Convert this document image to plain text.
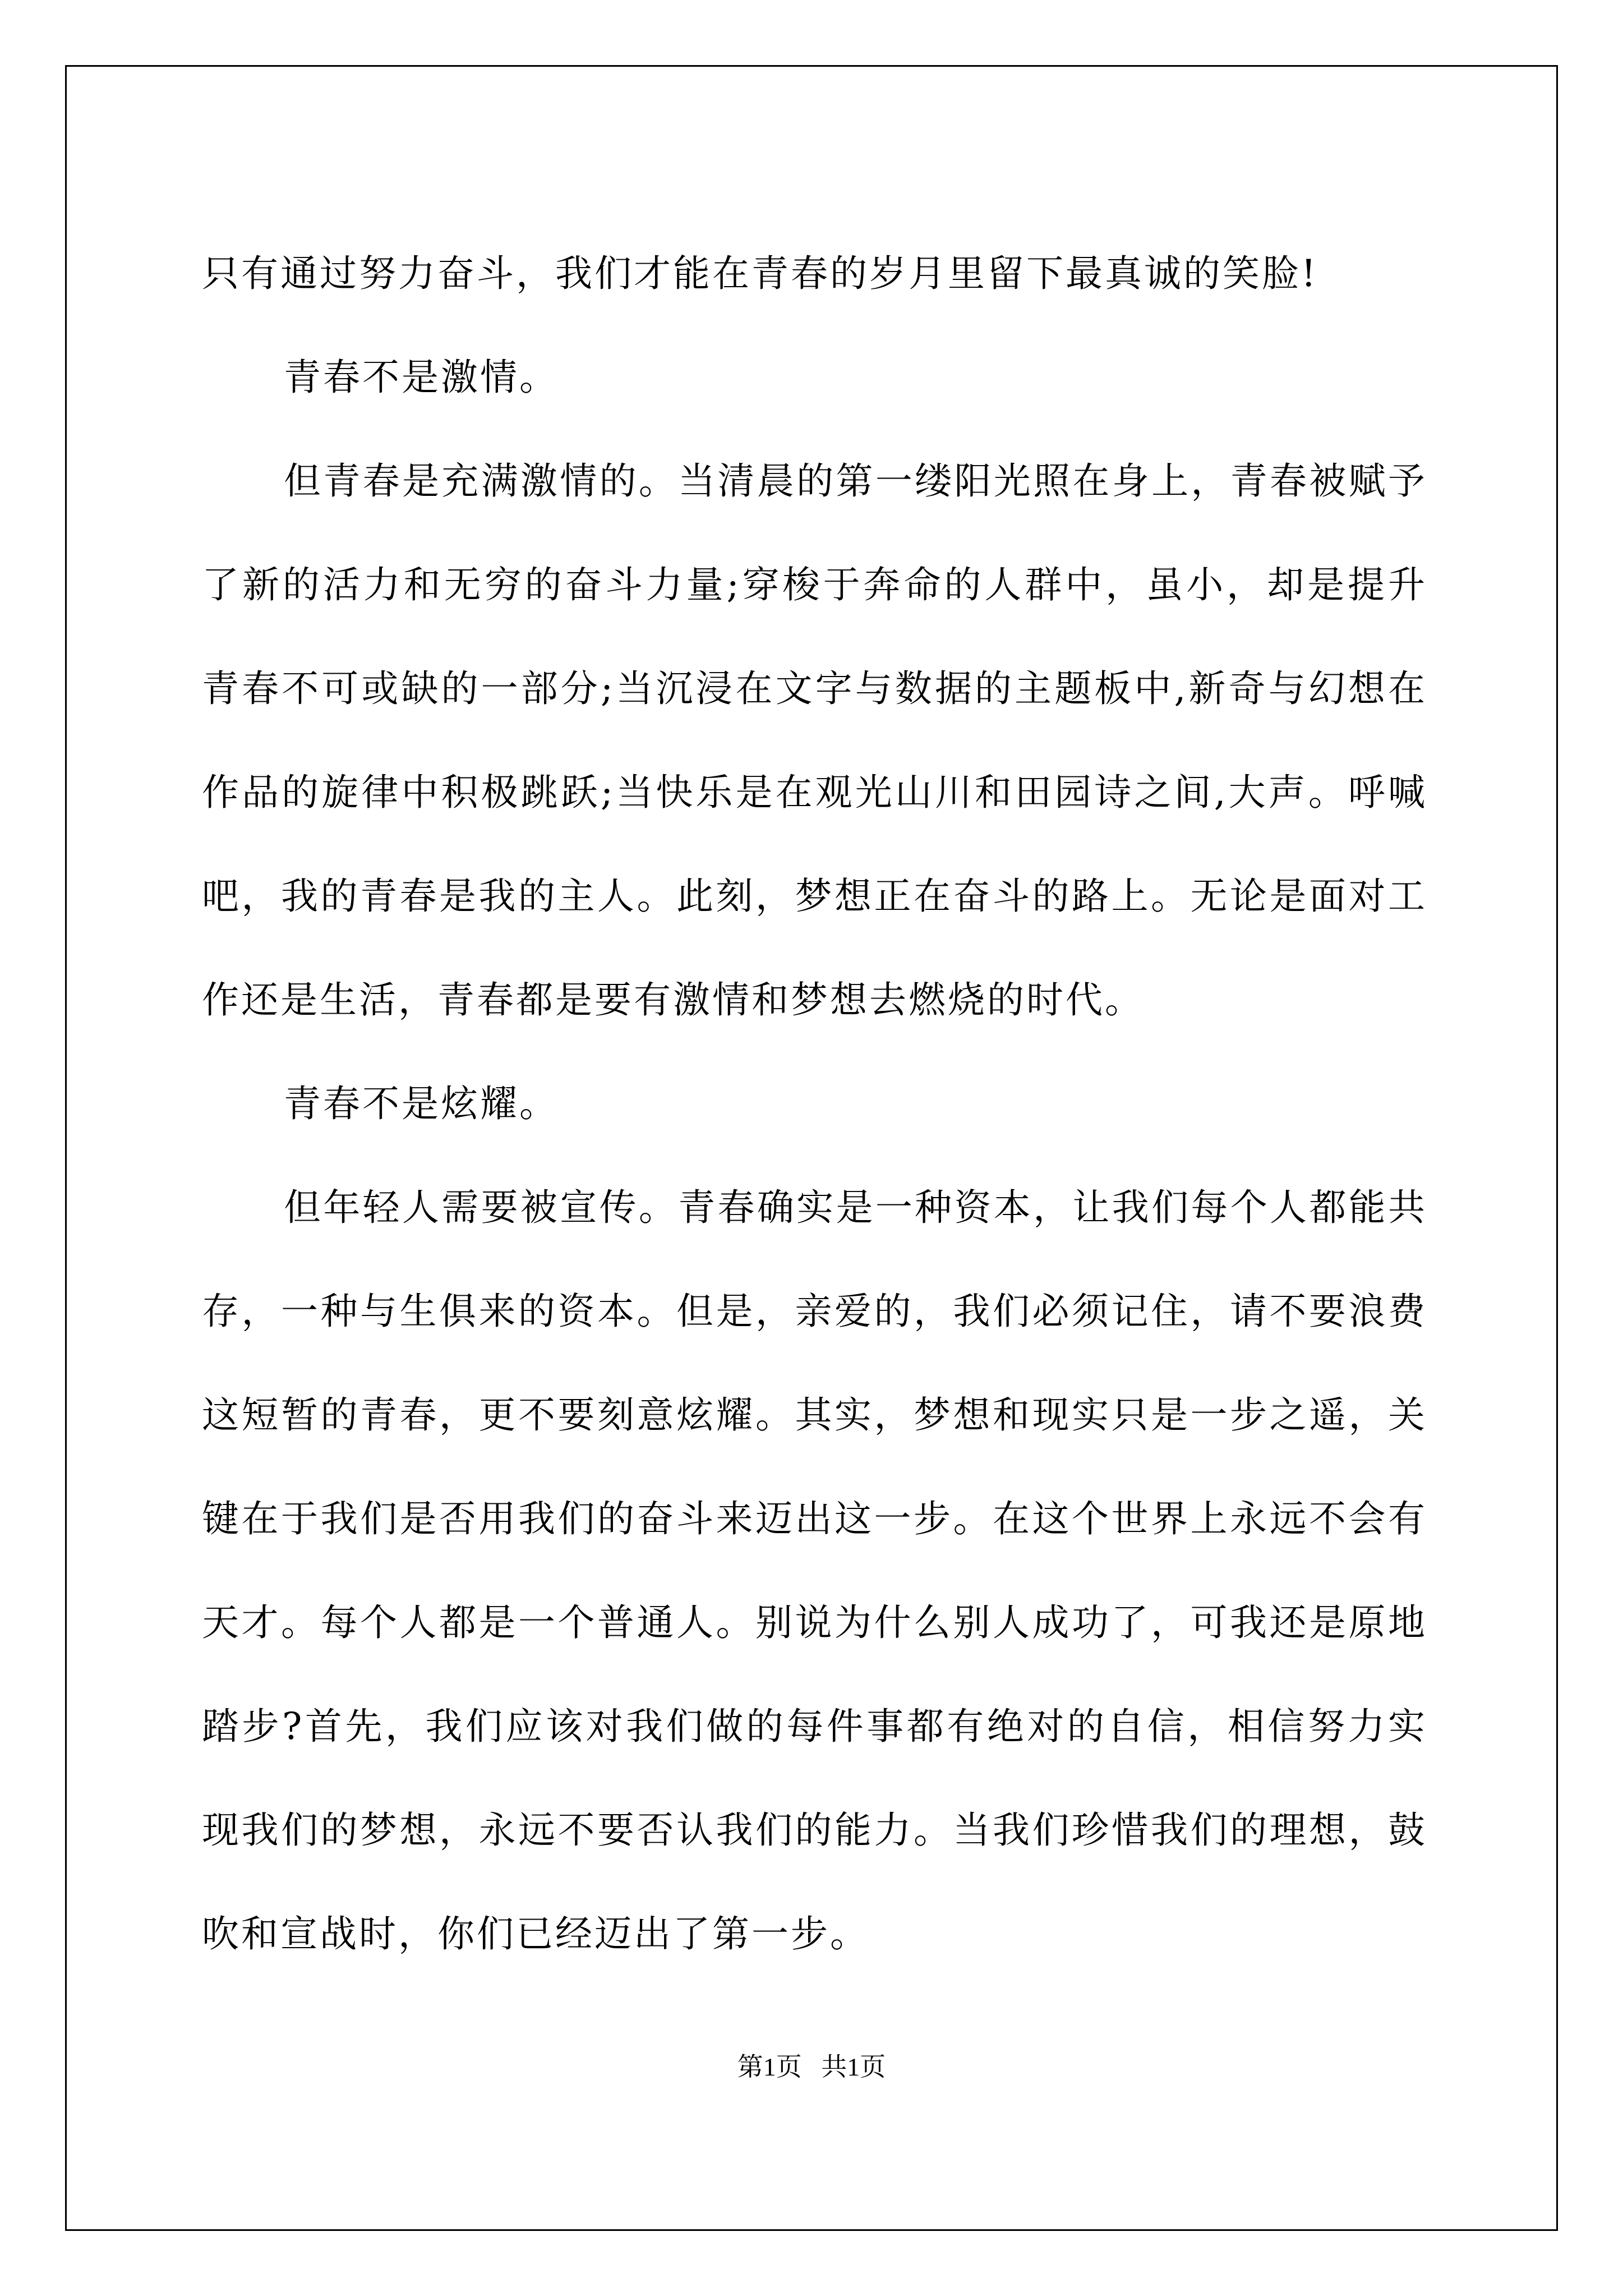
只有通过努力奋斗，我们才能在青春的岁月里留下最真诚的笑脸!

青春不是激情。

但青春是充满激情的。当清晨的第一缕阳光照在身上，青春被赋予了新的活力和无穷的奋斗力量;穿梭于奔命的人群中，虽小，却是提升青春不可或缺的一部分;当沉浸在文字与数据的主题板中,新奇与幻想在作品的旋律中积极跳跃;当快乐是在观光山川和田园诗之间,大声。呼喊吧，我的青春是我的主人。此刻，梦想正在奋斗的路上。无论是面对工作还是生活，青春都是要有激情和梦想去燃烧的时代。

青春不是炫耀。

但年轻人需要被宣传。青春确实是一种资本，让我们每个人都能共存，一种与生俱来的资本。但是，亲爱的，我们必须记住，请不要浪费这短暂的青春，更不要刻意炫耀。其实，梦想和现实只是一步之遥，关键在于我们是否用我们的奋斗来迈出这一步。在这个世界上永远不会有天才。每个人都是一个普通人。别说为什么别人成功了，可我还是原地踏步?首先，我们应该对我们做的每件事都有绝对的自信，相信努力实现我们的梦想，永远不要否认我们的能力。当我们珍惜我们的理想，鼓吹和宣战时，你们已经迈出了第一步。

第1页   共1页
